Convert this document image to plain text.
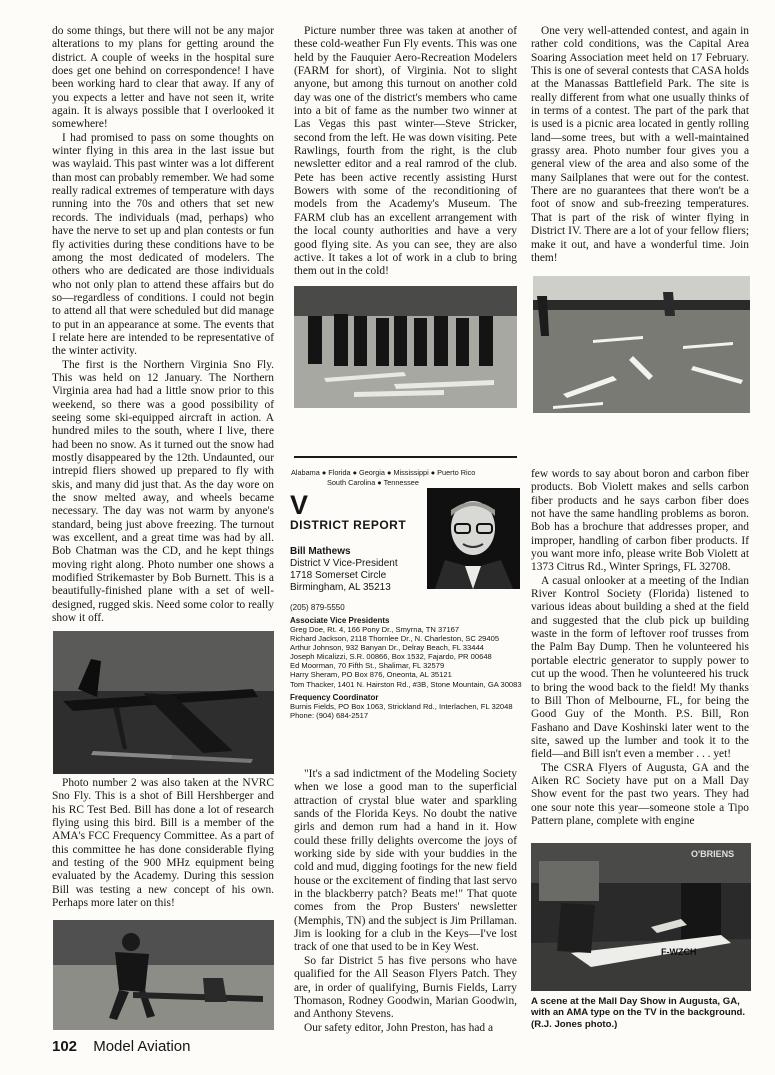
do some things, but there will not be any major alterations to my plans for getting around the district. A couple of weeks in the hospital sure does get one behind on correspondence! I have been working hard to clear that away. If any of you expects a letter and have not seen it, write again. It is always possible that I overlooked it somewhere!

I had promised to pass on some thoughts on winter flying in this area in the last issue but was waylaid. This past winter was a lot different than most can probably remember. We had some really radical extremes of temperature with days running into the 70s and others that set new records. The individuals (mad, perhaps) who have the nerve to set up and plan contests or fun fly activities during these conditions have to be among the most dedicated of modelers. The others who are dedicated are those individuals who not only plan to attend these affairs but do so—regardless of conditions. I could not begin to attend all that were scheduled but did manage to put in an appearance at some. The events that I relate here are intended to be representative of the winter activity.

The first is the Northern Virginia Sno Fly. This was held on 12 January. The Northern Virginia area had had a little snow prior to this weekend, so there was a good possibility of seeing some ski-equipped aircraft in action. A hundred miles to the south, where I live, there had been no snow. As it turned out the snow had mostly disappeared by the 12th. Undaunted, our intrepid fliers showed up prepared to fly with skis, and many did just that. As the day wore on the snow melted away, and wheels became necessary. The day was not warm by anyone's standard, being just above freezing. The turnout was excellent, and a great time was had by all. Bob Chatman was the CD, and he kept things moving right along. Photo number one shows a modified Strikemaster by Bob Burnett. This is a beautifully-finished plane with a set of well-designed, rugged skis. Need some color to really show it off.

Photo number 2 was also taken at the NVRC Sno Fly. This is a shot of Bill Hershberger and his RC Test Bed. Bill has done a lot of research flying using this bird. Bill is a member of the AMA's FCC Frequency Committee. As a part of this committee he has done considerable flying and testing of the 900 MHz equipment being evaluated by the Academy. During this session Bill was testing a new concept of his own. Perhaps more later on this!

Picture number three was taken at another of these cold-weather Fun Fly events. This was one held by the Fauquier Aero-Recreation Modelers (FARM for short), of Virginia. Not to slight anyone, but among this turnout on another cold day was one of the district's members who came into a bit of fame as the number two winner at Las Vegas this past winter—Steve Stricker, second from the left. He was down visiting. Pete Rawlings, fourth from the right, is the club newsletter editor and a real ramrod of the club. Pete has been active recently assisting Hurst Bowers with some of the reconditioning of models from the Academy's Museum. The FARM club has an excellent arrangement with the local county authorities and have a very good flying site. As you can see, they are also active. It takes a lot of work in a club to bring them out in the cold!

Alabama ● Florida ● Georgia ● Mississippi ● Puerto Rico
South Carolina ● Tennessee
V
DISTRICT REPORT
Bill Mathews
District V Vice-President
1718 Somerset Circle
Birmingham, AL 35213
(205) 879-5550
Associate Vice Presidents
Greg Doe, Rt. 4, 166 Pony Dr., Smyrna, TN 37167
Richard Jackson, 2118 Thornlee Dr., N. Charleston, SC 29405
Arthur Johnson, 932 Banyan Dr., Delray Beach, FL 33444
Joseph Micalizzi, S.R. 00866, Box 1532, Fajardo, PR 00648
Ed Moorman, 70 Fifth St., Shalimar, FL 32579
Harry Sheram, PO Box 876, Oneonta, AL 35121
Tom Thacker, 1401 N. Hairston Rd., #3B, Stone Mountain, GA 30083
Frequency Coordinator
Burnis Fields, PO Box 1063, Strickland Rd., Interlachen, FL 32048
Phone: (904) 684-2517

"It's a sad indictment of the Modeling Society when we lose a good man to the superficial attraction of crystal blue water and sparkling sands of the Florida Keys. No doubt the native girls and demon rum had a hand in it. How could these frilly delights overcome the joys of working side by side with your buddies in the cold and mud, digging footings for the new field house or the excitement of finding that last servo in the blackberry patch? Beats me!" That quote comes from the Prop Busters' newsletter (Memphis, TN) and the subject is Jim Prillaman. Jim is looking for a club in the Keys—I've lost track of one that used to be in Key West.

So far District 5 has five persons who have qualified for the All Season Flyers Patch. They are, in order of qualifying, Burnis Fields, Larry Thomason, Rodney Goodwin, Marian Goodwin, and Anthony Stevens.

Our safety editor, John Preston, has had a

One very well-attended contest, and again in rather cold conditions, was the Capital Area Soaring Association meet held on 17 February. This is one of several contests that CASA holds at the Manassas Battlefield Park. The site is really different from what one usually thinks of in terms of a contest. The part of the park that is used is a picnic area located in gently rolling land—some trees, but with a well-maintained grassy area. Photo number four gives you a general view of the area and also some of the many Sailplanes that were out for the contest. There are no guarantees that there won't be a foot of snow and sub-freezing temperatures. That is part of the risk of winter flying in District IV. There are a lot of your fellow fliers; make it out, and have a wonderful time. Join them!

few words to say about boron and carbon fiber products. Bob Violett makes and sells carbon fiber products and he says carbon fiber does not have the same handling problems as boron. Bob has a brochure that addresses proper, and improper, handling of carbon fiber products. If you want more info, please write Bob Violett at 1373 Citrus Rd., Winter Springs, FL 32708.

A casual onlooker at a meeting of the Indian River Kontrol Society (Florida) listened to various ideas about building a shed at the field and suggested that the club pick up building waste in the form of leftover roof trusses from the Palm Bay Dump. Then he volunteered his portable electric generator to supply power to cut up the wood. Then he volunteered his truck to bring the wood back to the field! My thanks to Bill Thon of Melbourne, FL, for being the Good Guy of the Month. P.S. Bill, Ron Fashano and Dave Koshinski later went to the site, sawed up the lumber and took it to the field—and Bill isn't even a member . . . yet!

The CSRA Flyers of Augusta, GA and the Aiken RC Society have put on a Mall Day Show event for the past two years. They had one sour note this year—someone stole a Tipo Pattern plane, complete with engine

O'BRIENS
F-WZCH
A scene at the Mall Day Show in Augusta, GA, with an AMA type on the TV in the background. (R.J. Jones photo.)
102 Model Aviation
